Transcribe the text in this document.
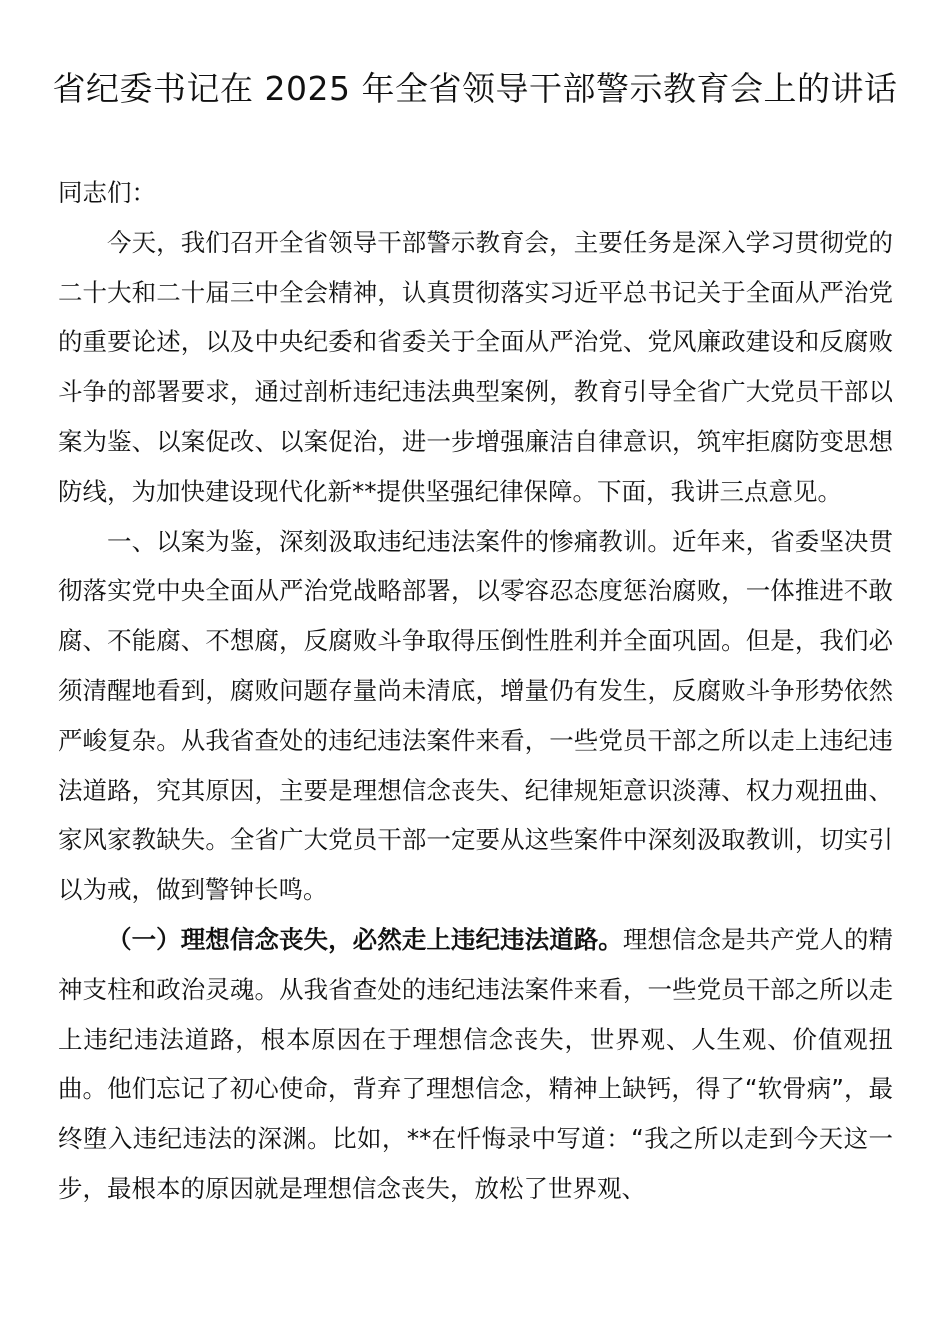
省纪委书记在 2025 年全省领导干部警示教育会上的讲话

同志们：

今天，我们召开全省领导干部警示教育会，主要任务是深入学习贯彻党的二十大和二十届三中全会精神，认真贯彻落实习近平总书记关于全面从严治党的重要论述，以及中央纪委和省委关于全面从严治党、党风廉政建设和反腐败斗争的部署要求，通过剖析违纪违法典型案例，教育引导全省广大党员干部以案为鉴、以案促改、以案促治，进一步增强廉洁自律意识，筑牢拒腐防变思想防线，为加快建设现代化新**提供坚强纪律保障。下面，我讲三点意见。

一、以案为鉴，深刻汲取违纪违法案件的惨痛教训。近年来，省委坚决贯彻落实党中央全面从严治党战略部署，以零容忍态度惩治腐败，一体推进不敢腐、不能腐、不想腐，反腐败斗争取得压倒性胜利并全面巩固。但是，我们必须清醒地看到，腐败问题存量尚未清底，增量仍有发生，反腐败斗争形势依然严峻复杂。从我省查处的违纪违法案件来看，一些党员干部之所以走上违纪违法道路，究其原因，主要是理想信念丧失、纪律规矩意识淡薄、权力观扭曲、家风家教缺失。全省广大党员干部一定要从这些案件中深刻汲取教训，切实引以为戒，做到警钟长鸣。

（一）理想信念丧失，必然走上违纪违法道路。理想信念是共产党人的精神支柱和政治灵魂。从我省查处的违纪违法案件来看，一些党员干部之所以走上违纪违法道路，根本原因在于理想信念丧失，世界观、人生观、价值观扭曲。他们忘记了初心使命，背弃了理想信念，精神上缺钙，得了“软骨病”，最终堕入违纪违法的深渊。比如，**在忏悔录中写道：“我之所以走到今天这一步，最根本的原因就是理想信念丧失，放松了世界观、
